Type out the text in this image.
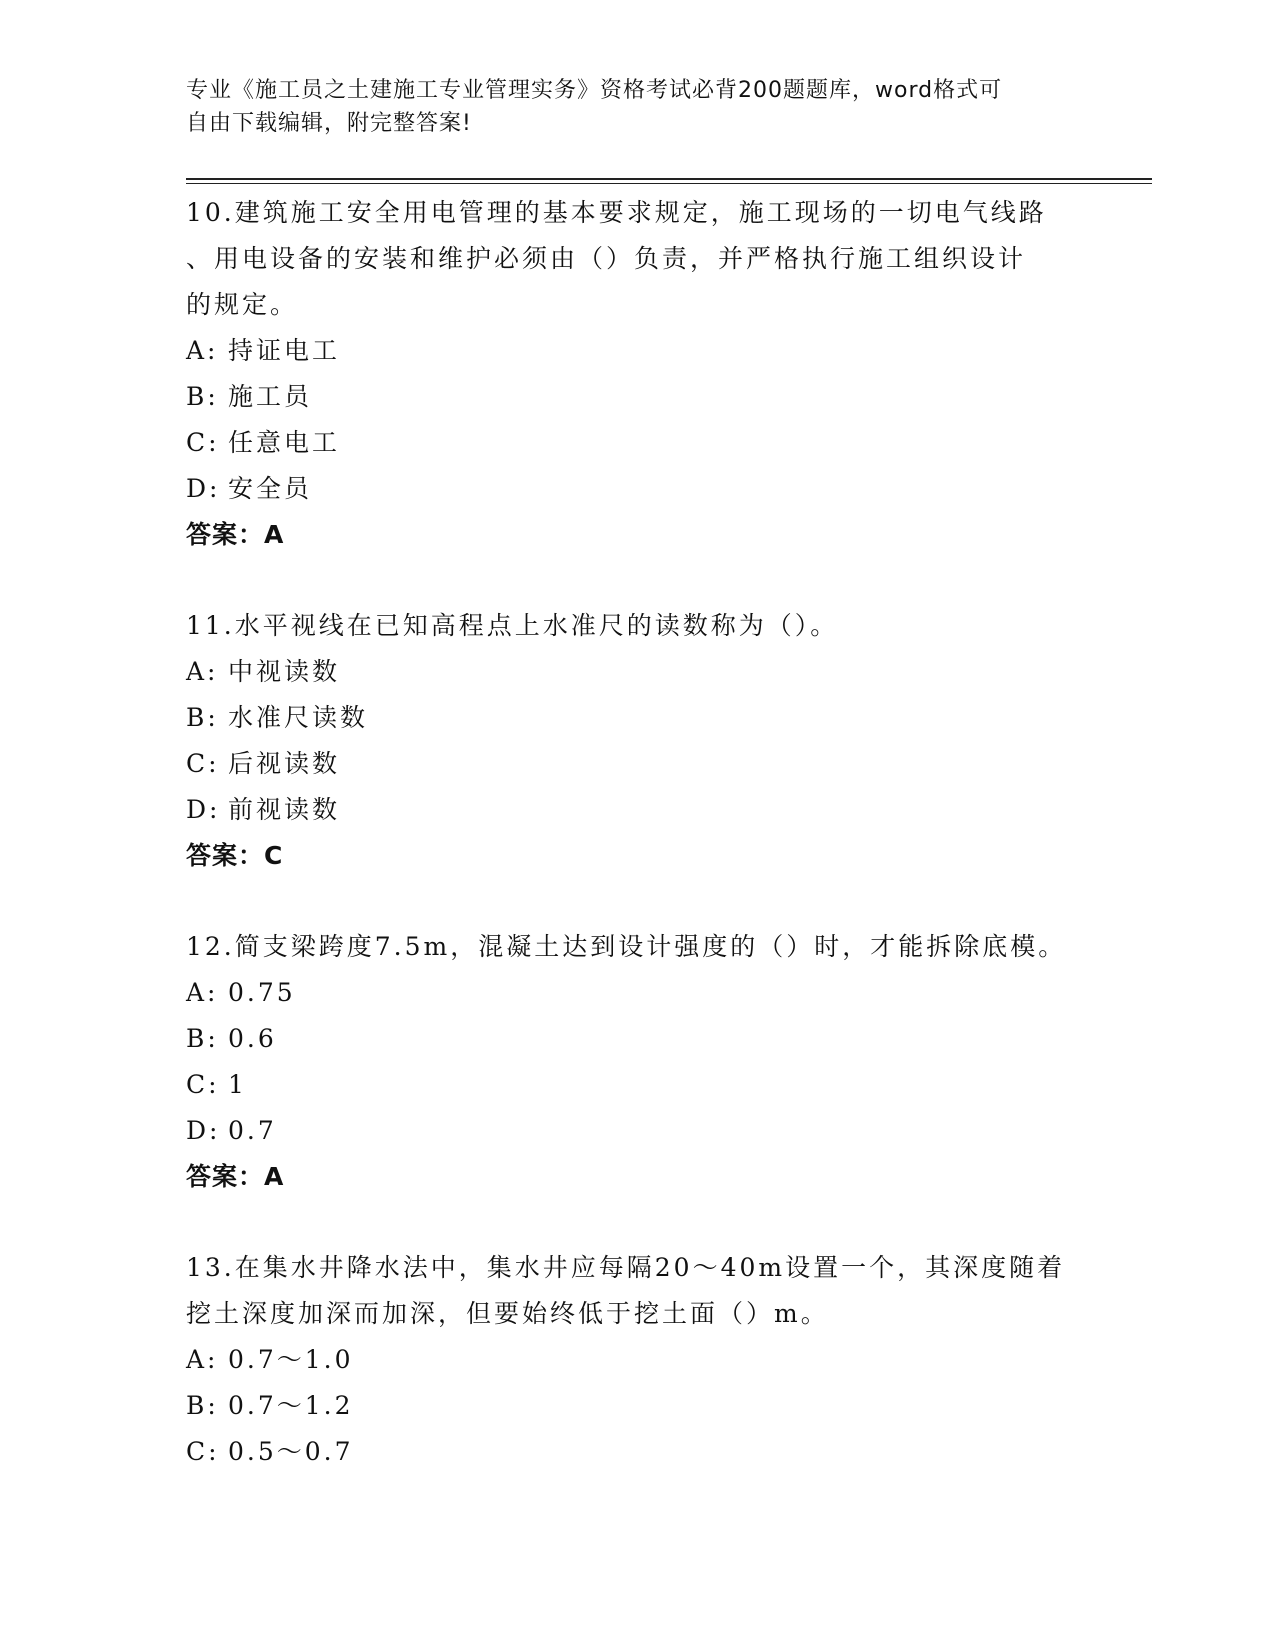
专业《施工员之土建施工专业管理实务》资格考试必背200题题库，word格式可
自由下载编辑，附完整答案!
10.建筑施工安全用电管理的基本要求规定，施工现场的一切电气线路
、用电设备的安装和维护必须由（）负责，并严格执行施工组织设计
的规定。
A: 持证电工
B: 施工员
C: 任意电工
D: 安全员
答案：A
11.水平视线在已知高程点上水准尺的读数称为（）。
A: 中视读数
B: 水准尺读数
C: 后视读数
D: 前视读数
答案：C
12.简支梁跨度7.5m，混凝土达到设计强度的（）时，才能拆除底模。
A: 0.75
B: 0.6
C: 1
D: 0.7
答案：A
13.在集水井降水法中，集水井应每隔20～40m设置一个，其深度随着
挖土深度加深而加深，但要始终低于挖土面（）m。
A: 0.7～1.0
B: 0.7～1.2
C: 0.5～0.7
